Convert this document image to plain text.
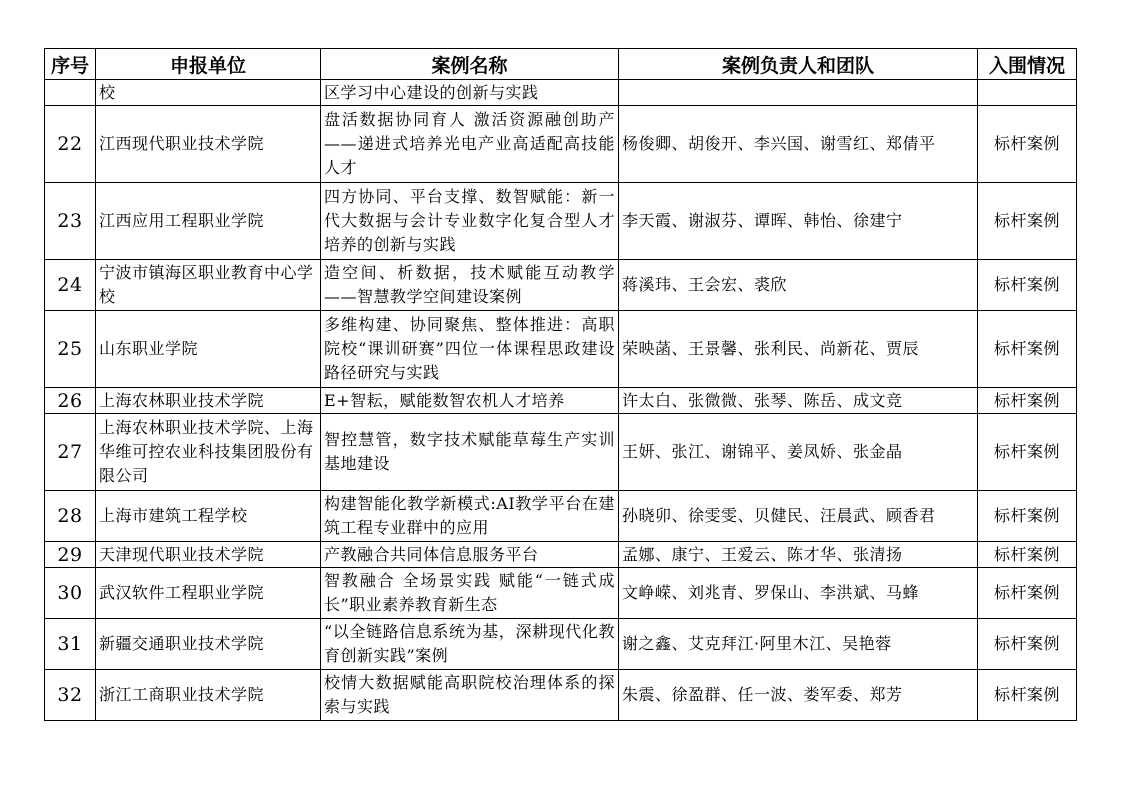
序号	申报单位	案例名称	案例负责人和团队	入围情况
	校	区学习中心建设的创新与实践		
22	江西现代职业技术学院	盘活数据协同育人 激活资源融创助产 ——递进式培养光电产业高适配高技能人才	杨俊卿、胡俊开、李兴国、谢雪红、郑倩平	标杆案例
23	江西应用工程职业学院	四方协同、平台支撑、数智赋能：新一代大数据与会计专业数字化复合型人才培养的创新与实践	李天霞、谢淑芬、谭晖、韩怡、徐建宁	标杆案例
24	宁波市镇海区职业教育中心学校	造空间、析数据，技术赋能互动教学——智慧教学空间建设案例	蒋溪玮、王会宏、裘欣	标杆案例
25	山东职业学院	多维构建、协同聚焦、整体推进：高职院校“课训研赛”四位一体课程思政建设路径研究与实践	荣映菡、王景馨、张利民、尚新花、贾辰	标杆案例
26	上海农林职业技术学院	E+智耘，赋能数智农机人才培养	许太白、张微微、张琴、陈岳、成文竞	标杆案例
27	上海农林职业技术学院、上海华维可控农业科技集团股份有限公司	智控慧管，数字技术赋能草莓生产实训基地建设	王妍、张江、谢锦平、姜凤娇、张金晶	标杆案例
28	上海市建筑工程学校	构建智能化教学新模式:AI教学平台在建筑工程专业群中的应用	孙晓卯、徐雯雯、贝健民、汪晨武、顾香君	标杆案例
29	天津现代职业技术学院	产教融合共同体信息服务平台	孟娜、康宁、王爱云、陈才华、张清扬	标杆案例
30	武汉软件工程职业学院	智教融合 全场景实践 赋能“一链式成长”职业素养教育新生态	文峥嵘、刘兆青、罗保山、李洪斌、马蜂	标杆案例
31	新疆交通职业技术学院	“以全链路信息系统为基，深耕现代化教育创新实践”案例	谢之鑫、艾克拜江·阿里木江、吴艳蓉	标杆案例
32	浙江工商职业技术学院	校情大数据赋能高职院校治理体系的探索与实践	朱震、徐盈群、任一波、娄军委、郑芳	标杆案例
